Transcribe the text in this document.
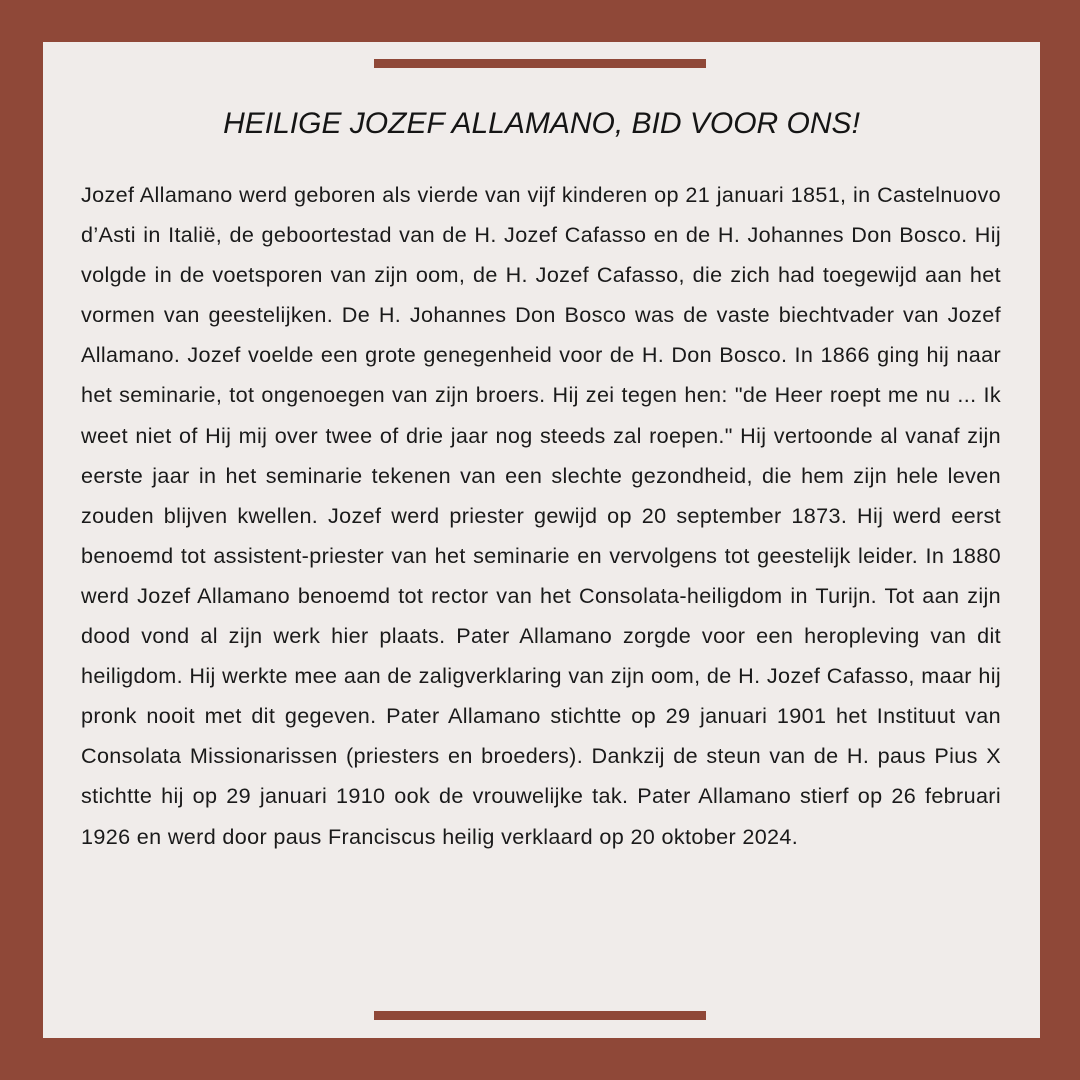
HEILIGE JOZEF ALLAMANO, BID VOOR ONS!

Jozef Allamano werd geboren als vierde van vijf kinderen op 21 januari 1851, in Castelnuovo d’Asti in Italië, de geboortestad van de H. Jozef Cafasso en de H. Johannes Don Bosco. Hij volgde in de voetsporen van zijn oom, de H. Jozef Cafasso, die zich had toegewijd aan het vormen van geestelijken. De H. Johannes Don Bosco was de vaste biechtvader van Jozef Allamano. Jozef voelde een grote genegenheid voor de H. Don Bosco. In 1866 ging hij naar het seminarie, tot ongenoegen van zijn broers. Hij zei tegen hen: "de Heer roept me nu ... Ik weet niet of Hij mij over twee of drie jaar nog steeds zal roepen." Hij vertoonde al vanaf zijn eerste jaar in het seminarie tekenen van een slechte gezondheid, die hem zijn hele leven zouden blijven kwellen. Jozef werd priester gewijd op 20 september 1873. Hij werd eerst benoemd tot assistent-priester van het seminarie en vervolgens tot geestelijk leider. In 1880 werd Jozef Allamano benoemd tot rector van het Consolata-heiligdom in Turijn. Tot aan zijn dood vond al zijn werk hier plaats. Pater Allamano zorgde voor een heropleving van dit heiligdom. Hij werkte mee aan de zaligverklaring van zijn oom, de H. Jozef Cafasso, maar hij pronk nooit met dit gegeven. Pater Allamano stichtte op 29 januari 1901 het Instituut van Consolata Missionarissen (priesters en broeders). Dankzij de steun van de H. paus Pius X stichtte hij op 29 januari 1910 ook de vrouwelijke tak. Pater Allamano stierf op 26 februari 1926 en werd door paus Franciscus heilig verklaard op 20 oktober 2024.
